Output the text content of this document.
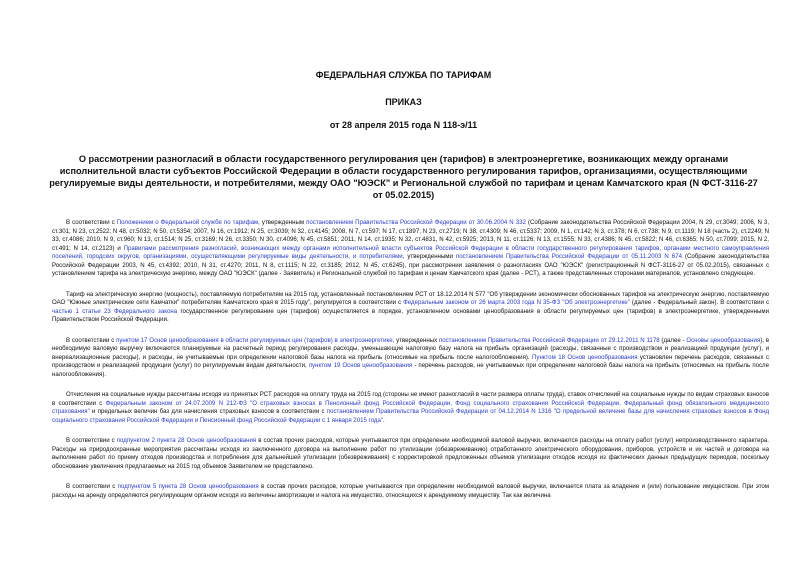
ФЕДЕРАЛЬНАЯ СЛУЖБА ПО ТАРИФАМ

ПРИКАЗ

от 28 апреля 2015 года N 118-э/11

О рассмотрении разногласий в области государственного регулирования цен (тарифов) в электроэнергетике, возникающих между органами исполнительной власти субъектов Российской Федерации в области государственного регулирования тарифов, организациями, осуществляющими регулируемые виды деятельности, и потребителями, между ОАО "ЮЭСК" и Региональной службой по тарифам и ценам Камчатского края (N ФСТ-3116-27 от 05.02.2015)

В соответствии с Положением о Федеральной службе по тарифам, утвержденным постановлением Правительства Российской Федерации от 30.06.2004 N 332 (Собрание законодательства Российской Федерации 2004, N 29, ст.3049; 2006, N 3, ст.301; N 23, ст.2522; N 48, ст.5032; N 50, ст.5354; 2007, N 16, ст.1912; N 25, ст.3039; N 32, ст.4145; 2008, N 7, ст.597; N 17, ст.1897; N 23, ст.2719; N 38, ст.4309; N 46, ст.5337; 2009, N 1, ст.142; N 3, ст.378; N 6, ст.738; N 9, ст.1119; N 18 (часть 2), ст.2249; N 33, ст.4086; 2010, N 9, ст.960; N 13, ст.1514; N 25, ст.3169; N 26, ст.3350; N 30, ст.4096; N 45, ст.5851; 2011, N 14, ст.1935; N 32, ст.4831, N 42, ст.5925; 2013, N 11, ст.1126; N 13, ст.1555; N 33, ст.4386; N 45, ст.5822; N 46, ст.6365; N 50, ст.7099; 2015, N 2, ст.491; N 14, ст.2123) и Правилами рассмотрения разногласий, возникающих между органами исполнительной власти субъектов Российской Федерации в области государственного регулирования тарифов, органами местного самоуправления поселений, городских округов, организациями, осуществляющими регулируемые виды деятельности, и потребителями, утвержденными постановлением Правительства Российской Федерации от 05.11.2003 N 674 (Собрание законодательства Российской Федерации 2003, N 45, ст.4392; 2010, N 31, ст.4270; 2011, N 8, ст.1115; N 22, ст.3185; 2012, N 45, ст.6245), при рассмотрении заявления о разногласиях ОАО "ЮЭСК" (регистрационный N ФСТ-3116-27 от 05.02.2015), связанных с установлением тарифа на электрическую энергию, между ОАО "ЮЭСК" (далее - Заявитель) и Региональной службой по тарифам и ценам Камчатского края (далее - РСТ), а также представленных сторонами материалов, установлено следующее.

Тариф на электрическую энергию (мощность), поставляемую потребителям на 2015 год, установленный постановлением РСТ от 18.12.2014 N 577 "Об утверждении экономически обоснованных тарифов на электрическую энергию, поставляемую ОАО "Южные электрические сети Камчатки" потребителям Камчатского края в 2015 году", регулируется в соответствии с Федеральным законом от 26 марта 2003 года N 35-ФЗ "Об электроэнергетике" (далее - Федеральный закон). В соответствии с частью 1 статьи 23 Федерального закона государственное регулирование цен (тарифов) осуществляется в порядке, установленном основами ценообразования в области регулируемых цен (тарифов) в электроэнергетике, утвержденными Правительством Российской Федерации.

В соответствии с пунктом 17 Основ ценообразования в области регулируемых цен (тарифов) в электроэнергетике, утвержденных постановлением Правительства Российской Федерации от 29.12.2011 N 1178 (далее - Основы ценообразования), в необходимую валовую выручку включаются планируемые на расчетный период регулирования расходы, уменьшающие налоговую базу налога на прибыль организаций (расходы, связанные с производством и реализацией продукции (услуг), и внереализационные расходы), и расходы, не учитываемые при определении налоговой базы налога на прибыль (относимые на прибыль после налогообложения). Пунктом 18 Основ ценообразования установлен перечень расходов, связанных с производством и реализацией продукции (услуг) по регулируемым видам деятельности, пунктом 19 Основ ценообразования - перечень расходов, не учитываемых при определении налоговой базы налога на прибыль (относимых на прибыль после налогообложения).

Отчисления на социальные нужды рассчитаны исходя из принятых РСТ расходов на оплату труда на 2015 год (стороны не имеют разногласий в части размера оплаты труда), ставок отчислений на социальные нужды по видам страховых взносов в соответствии с Федеральным законом от 24.07.2009 N 212-ФЗ "О страховых взносах в Пенсионный фонд Российской Федерации, Фонд социального страхования Российской Федерации, Федеральный фонд обязательного медицинского страхования" и предельных величин баз для начисления страховых взносов в соответствии с постановлением Правительства Российской Федерации от 04.12.2014 N 1316 "О предельной величине базы для начисления страховых взносов в Фонд социального страхования Российской Федерации и Пенсионный фонд Российской Федерации с 1 января 2015 года".

В соответствии с подпунктом 2 пункта 28 Основ ценообразования в состав прочих расходов, которые учитываются при определении необходимой валовой выручки, включаются расходы на оплату работ (услуг) непроизводственного характера. Расходы на природоохранные мероприятия рассчитаны исходя из заключенного договора на выполнение работ по утилизации (обезвреживанию) отработанного электрического оборудования, приборов, устройств и их частей и договора на выполнение работ по приему отходов производства и потребления для дальнейшей утилизации (обезвреживания) с корректировкой предложенных объемов утилизации отходов исходя из фактических данных предыдущих периодов, поскольку обоснование увеличения предлагаемых на 2015 год объемов Заявителем не представлено.

В соответствии с подпунктом 5 пункта 28 Основ ценообразования в состав прочих расходов, которые учитываются при определении необходимой валовой выручки, включается плата за владение и (или) пользование имуществом. При этом расходы на аренду определяются регулирующим органом исходя из величины амортизации и налога на имущество, относящихся к арендуемому имуществу. Так как величина
